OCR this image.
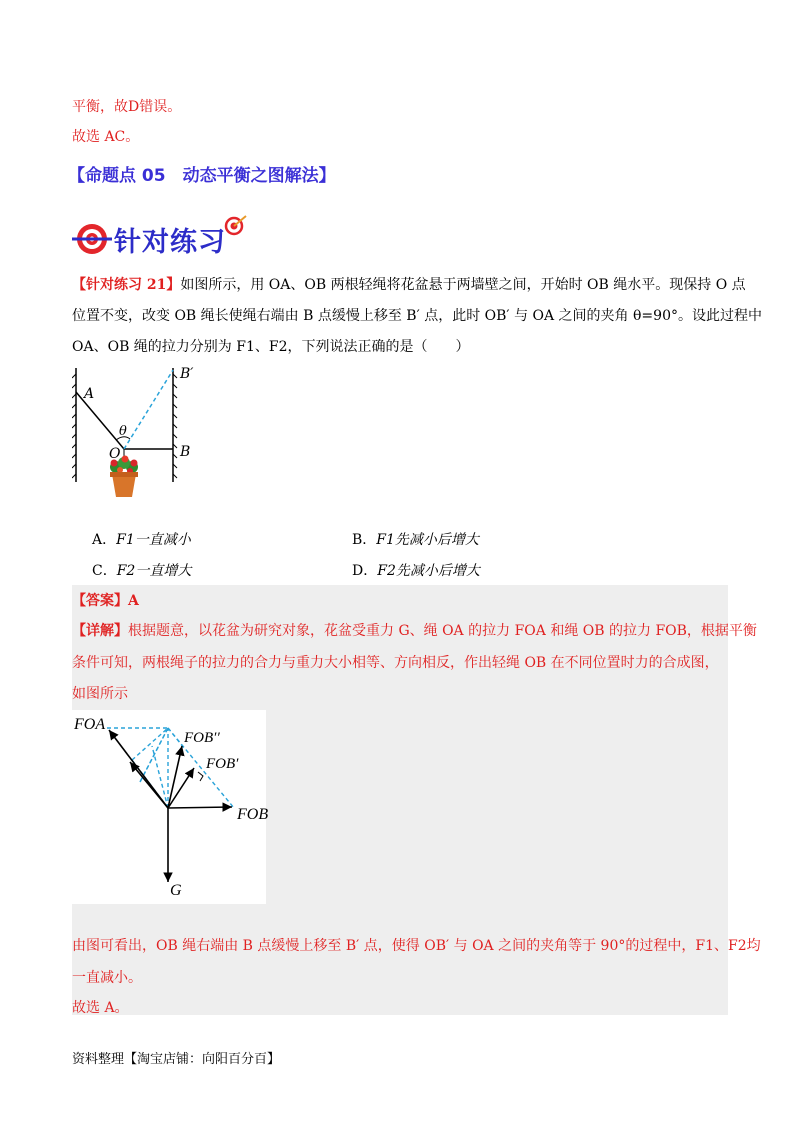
平衡，故D错误。
故选 AC。
【命题点 05　动态平衡之图解法】
针对练习
【针对练习 21】如图所示，用 OA、OB 两根轻绳将花盆悬于两墙壁之间，开始时 OB 绳水平。现保持 O 点
位置不变，改变 OB 绳长使绳右端由 B 点缓慢上移至 B′ 点，此时 OB′ 与 OA 之间的夹角 θ=90°。设此过程中
OA、OB 绳的拉力分别为 F1、F2，下列说法正确的是（　　）
A
B′
B
O
θ
A．F1一直减小	B．F1先减小后增大
C．F2一直增大	D．F2先减小后增大
【答案】A
【详解】根据题意，以花盆为研究对象，花盆受重力 G、绳 OA 的拉力 FOA 和绳 OB 的拉力 FOB，根据平衡
条件可知，两根绳子的拉力的合力与重力大小相等、方向相反，作出轻绳 OB 在不同位置时力的合成图，
如图所示
FOA
FOB′′
FOB′
FOB
G
由图可看出，OB 绳右端由 B 点缓慢上移至 B′ 点，使得 OB′ 与 OA 之间的夹角等于 90°的过程中，F1、F2均
一直减小。
故选 A。
资料整理【淘宝店铺：向阳百分百】
